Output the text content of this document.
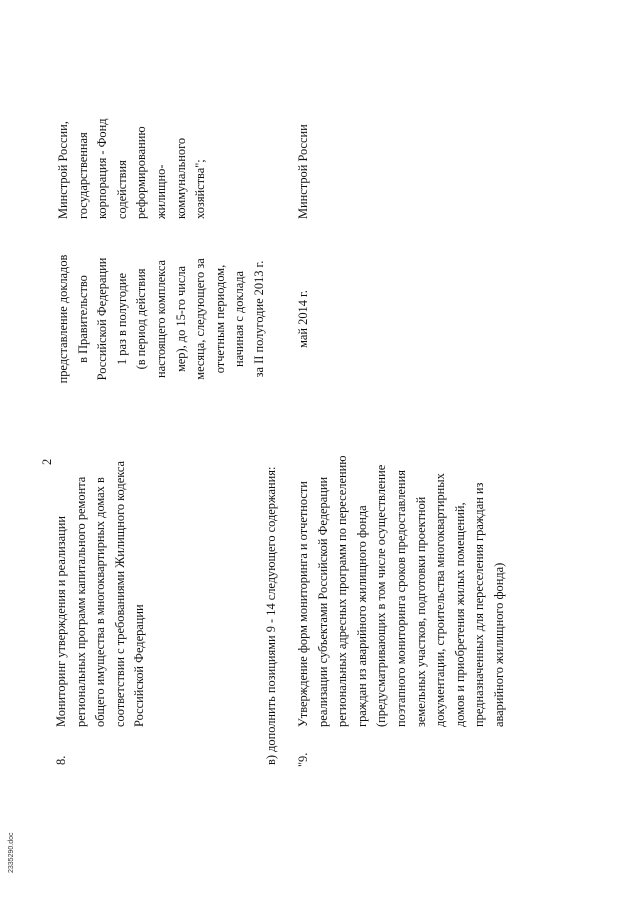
2
8.
Мониторинг утверждения и реализации
региональных программ капитального ремонта
общего имущества в многоквартирных домах в
соответствии с требованиями Жилищного кодекса
Российской Федерации
представление докладов
в Правительство
Российской Федерации
1 раз в полугодие
(в период действия
настоящего комплекса
мер), до 15-го числа
месяца, следующего за
отчетным периодом,
начиная с доклада
за II полугодие 2013 г.
Минстрой России,
государственная
корпорация - Фонд
содействия
реформированию
жилищно-
коммунального
хозяйства";
в) дополнить позициями 9 - 14 следующего содержания: "9.
Утверждение форм мониторинга и отчетности
реализации субъектами Российской Федерации
региональных адресных программ по переселению
граждан из аварийного жилищного фонда
(предусматривающих в том числе осуществление
поэтапного мониторинга сроков предоставления
земельных участков, подготовки проектной
документации, строительства многоквартирных
домов и приобретения жилых помещений,
предназначенных для переселения граждан из
аварийного жилищного фонда)
май 2014 г.
Минстрой России
2335290.doc
